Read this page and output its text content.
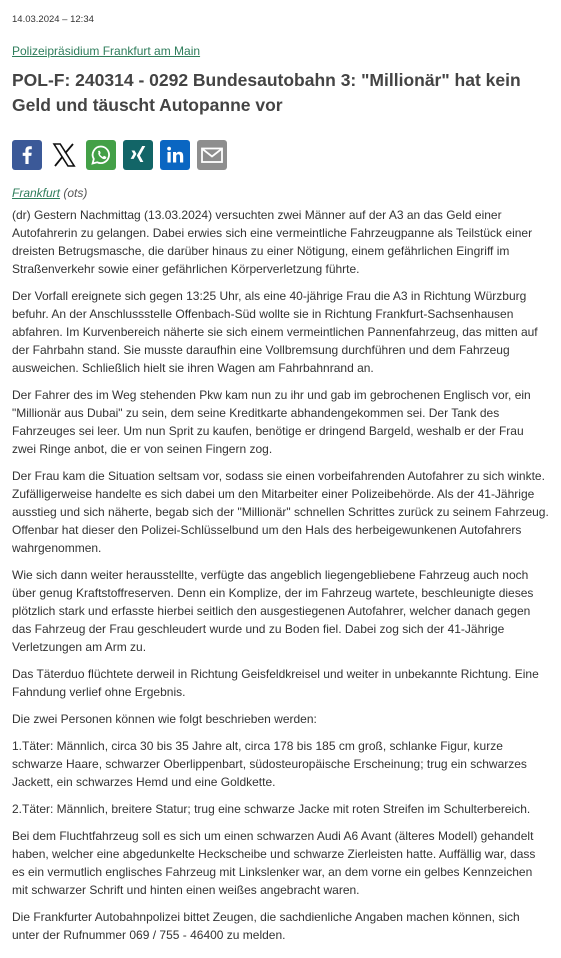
14.03.2024 – 12:34
Polizeipräsidium Frankfurt am Main
POL-F: 240314 - 0292 Bundesautobahn 3: "Millionär" hat kein Geld und täuscht Autopanne vor
Frankfurt (ots)

(dr) Gestern Nachmittag (13.03.2024) versuchten zwei Männer auf der A3 an das Geld einer Autofahrerin zu gelangen. Dabei erwies sich eine vermeintliche Fahrzeugpanne als Teilstück einer dreisten Betrugsmasche, die darüber hinaus zu einer Nötigung, einem gefährlichen Eingriff im Straßenverkehr sowie einer gefährlichen Körperverletzung führte.

Der Vorfall ereignete sich gegen 13:25 Uhr, als eine 40-jährige Frau die A3 in Richtung Würzburg befuhr. An der Anschlussstelle Offenbach-Süd wollte sie in Richtung Frankfurt-Sachsenhausen abfahren. Im Kurvenbereich näherte sie sich einem vermeintlichen Pannenfahrzeug, das mitten auf der Fahrbahn stand. Sie musste daraufhin eine Vollbremsung durchführen und dem Fahrzeug ausweichen. Schließlich hielt sie ihren Wagen am Fahrbahnrand an.

Der Fahrer des im Weg stehenden Pkw kam nun zu ihr und gab im gebrochenen Englisch vor, ein "Millionär aus Dubai" zu sein, dem seine Kreditkarte abhandengekommen sei. Der Tank des Fahrzeuges sei leer. Um nun Sprit zu kaufen, benötige er dringend Bargeld, weshalb er der Frau zwei Ringe anbot, die er von seinen Fingern zog.

Der Frau kam die Situation seltsam vor, sodass sie einen vorbeifahrenden Autofahrer zu sich winkte. Zufälligerweise handelte es sich dabei um den Mitarbeiter einer Polizeibehörde. Als der 41-Jährige ausstieg und sich näherte, begab sich der "Millionär" schnellen Schrittes zurück zu seinem Fahrzeug. Offenbar hat dieser den Polizei-Schlüsselbund um den Hals des herbeigewunkenen Autofahrers wahrgenommen.

Wie sich dann weiter herausstellte, verfügte das angeblich liegengebliebene Fahrzeug auch noch über genug Kraftstoffreserven. Denn ein Komplize, der im Fahrzeug wartete, beschleunigte dieses plötzlich stark und erfasste hierbei seitlich den ausgestiegenen Autofahrer, welcher danach gegen das Fahrzeug der Frau geschleudert wurde und zu Boden fiel. Dabei zog sich der 41-Jährige Verletzungen am Arm zu.

Das Täterduo flüchtete derweil in Richtung Geisfeldkreisel und weiter in unbekannte Richtung. Eine Fahndung verlief ohne Ergebnis.

Die zwei Personen können wie folgt beschrieben werden:

1.Täter: Männlich, circa 30 bis 35 Jahre alt, circa 178 bis 185 cm groß, schlanke Figur, kurze schwarze Haare, schwarzer Oberlippenbart, südosteuropäische Erscheinung; trug ein schwarzes Jackett, ein schwarzes Hemd und eine Goldkette.

2.Täter: Männlich, breitere Statur; trug eine schwarze Jacke mit roten Streifen im Schulterbereich.

Bei dem Fluchtfahrzeug soll es sich um einen schwarzen Audi A6 Avant (älteres Modell) gehandelt haben, welcher eine abgedunkelte Heckscheibe und schwarze Zierleisten hatte. Auffällig war, dass es ein vermutlich englisches Fahrzeug mit Linkslenker war, an dem vorne ein gelbes Kennzeichen mit schwarzer Schrift und hinten einen weißes angebracht waren.

Die Frankfurter Autobahnpolizei bittet Zeugen, die sachdienliche Angaben machen können, sich unter der Rufnummer 069 / 755 - 46400 zu melden.
